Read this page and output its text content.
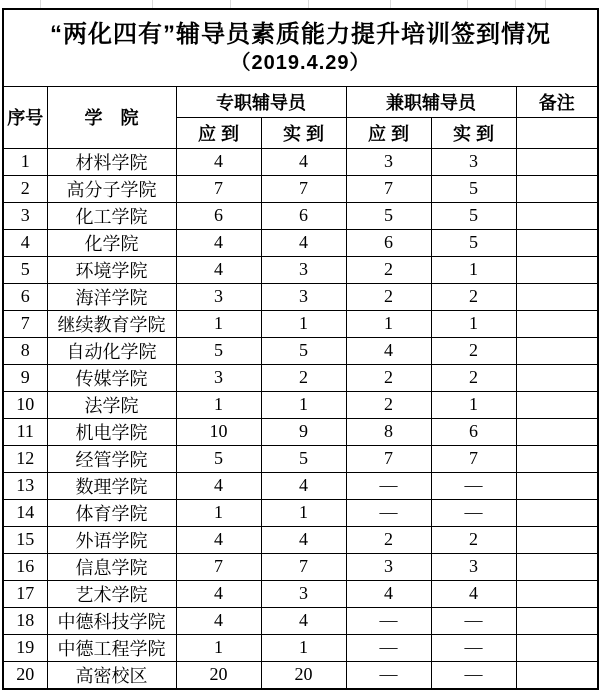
“两化四有”辅导员素质能力提升培训签到情况
（2019.4.29）						

序号	学　院	专职辅导员		兼职辅导员		备注
		应 到	实 到	应 到	实 到	
1	材料学院	4	4	3	3	
2	高分子学院	7	7	7	5	
3	化工学院	6	6	5	5	
4	化学院	4	4	6	5	
5	环境学院	4	3	2	1	
6	海洋学院	3	3	2	2	
7	继续教育学院	1	1	1	1	
8	自动化学院	5	5	4	2	
9	传媒学院	3	2	2	2	
10	法学院	1	1	2	1	
11	机电学院	10	9	8	6	
12	经管学院	5	5	7	7	
13	数理学院	4	4	—	—	
14	体育学院	1	1	—	—	
15	外语学院	4	4	2	2	
16	信息学院	7	7	3	3	
17	艺术学院	4	3	4	4	
18	中德科技学院	4	4	—	—	
19	中德工程学院	1	1	—	—	
20	高密校区	20	20	—	—	
